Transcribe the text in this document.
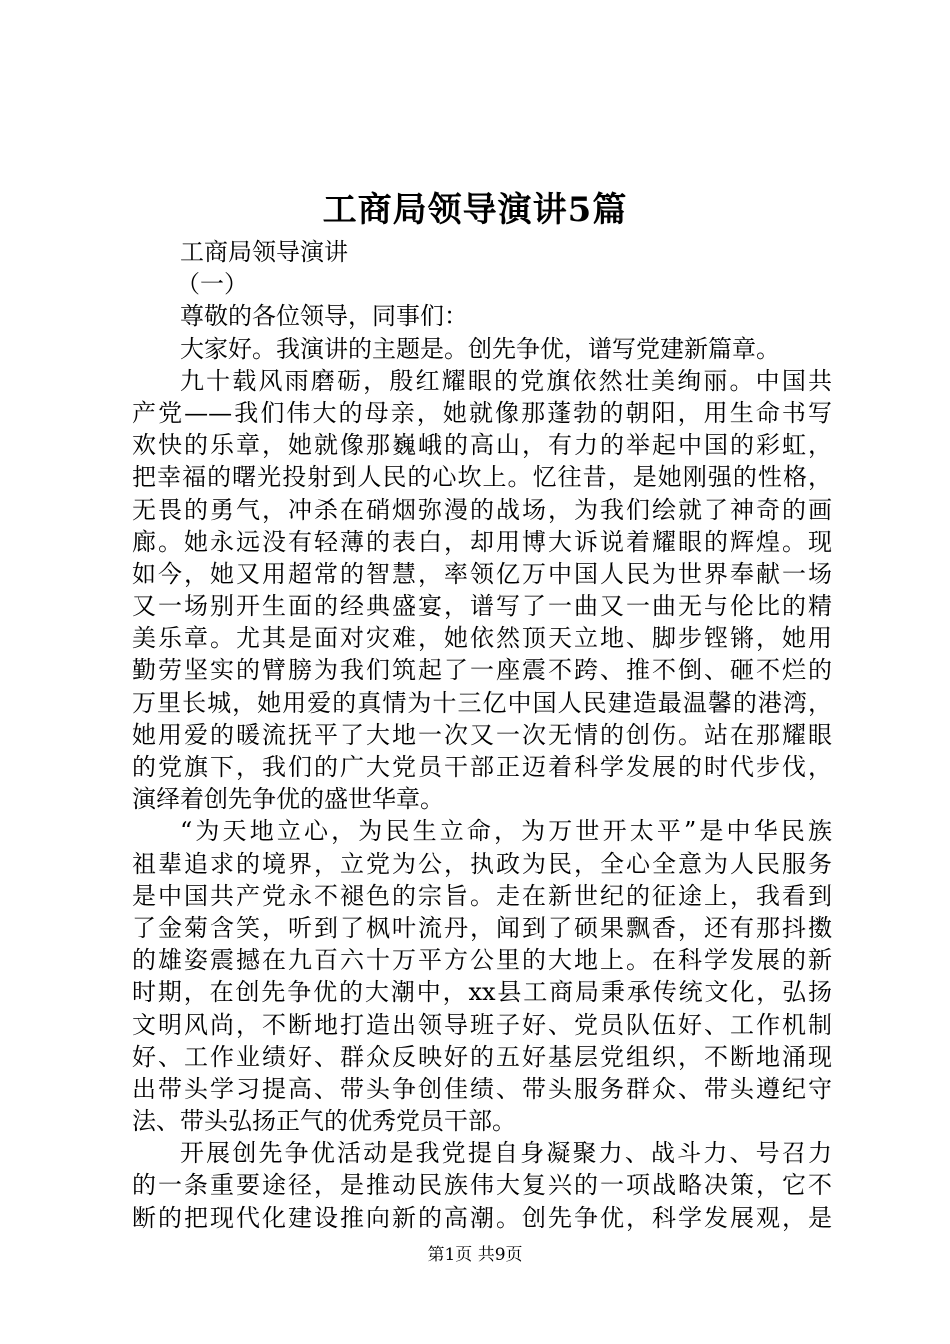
工商局领导演讲5篇
工商局领导演讲
（一）
尊敬的各位领导，同事们：
大家好。我演讲的主题是。创先争优，谱写党建新篇章。
九十载风雨磨砺，殷红耀眼的党旗依然壮美绚丽。中国共
产党——我们伟大的母亲，她就像那蓬勃的朝阳，用生命书写
欢快的乐章，她就像那巍峨的高山，有力的举起中国的彩虹，
把幸福的曙光投射到人民的心坎上。忆往昔，是她刚强的性格，
无畏的勇气，冲杀在硝烟弥漫的战场，为我们绘就了神奇的画
廊。她永远没有轻薄的表白，却用博大诉说着耀眼的辉煌。现
如今，她又用超常的智慧，率领亿万中国人民为世界奉献一场
又一场别开生面的经典盛宴，谱写了一曲又一曲无与伦比的精
美乐章。尤其是面对灾难，她依然顶天立地、脚步铿锵，她用
勤劳坚实的臂膀为我们筑起了一座震不跨、推不倒、砸不烂的
万里长城，她用爱的真情为十三亿中国人民建造最温馨的港湾，
她用爱的暖流抚平了大地一次又一次无情的创伤。站在那耀眼
的党旗下，我们的广大党员干部正迈着科学发展的时代步伐，
演绎着创先争优的盛世华章。
“为天地立心，为民生立命，为万世开太平”是中华民族
祖辈追求的境界，立党为公，执政为民，全心全意为人民服务
是中国共产党永不褪色的宗旨。走在新世纪的征途上，我看到
了金菊含笑，听到了枫叶流丹，闻到了硕果飘香，还有那抖擞
的雄姿震撼在九百六十万平方公里的大地上。在科学发展的新
时期，在创先争优的大潮中，xx县工商局秉承传统文化，弘扬
文明风尚，不断地打造出领导班子好、党员队伍好、工作机制
好、工作业绩好、群众反映好的五好基层党组织，不断地涌现
出带头学习提高、带头争创佳绩、带头服务群众、带头遵纪守
法、带头弘扬正气的优秀党员干部。
开展创先争优活动是我党提自身凝聚力、战斗力、号召力
的一条重要途径，是推动民族伟大复兴的一项战略决策，它不
断的把现代化建设推向新的高潮。创先争优，科学发展观，是
第1页 共9页
